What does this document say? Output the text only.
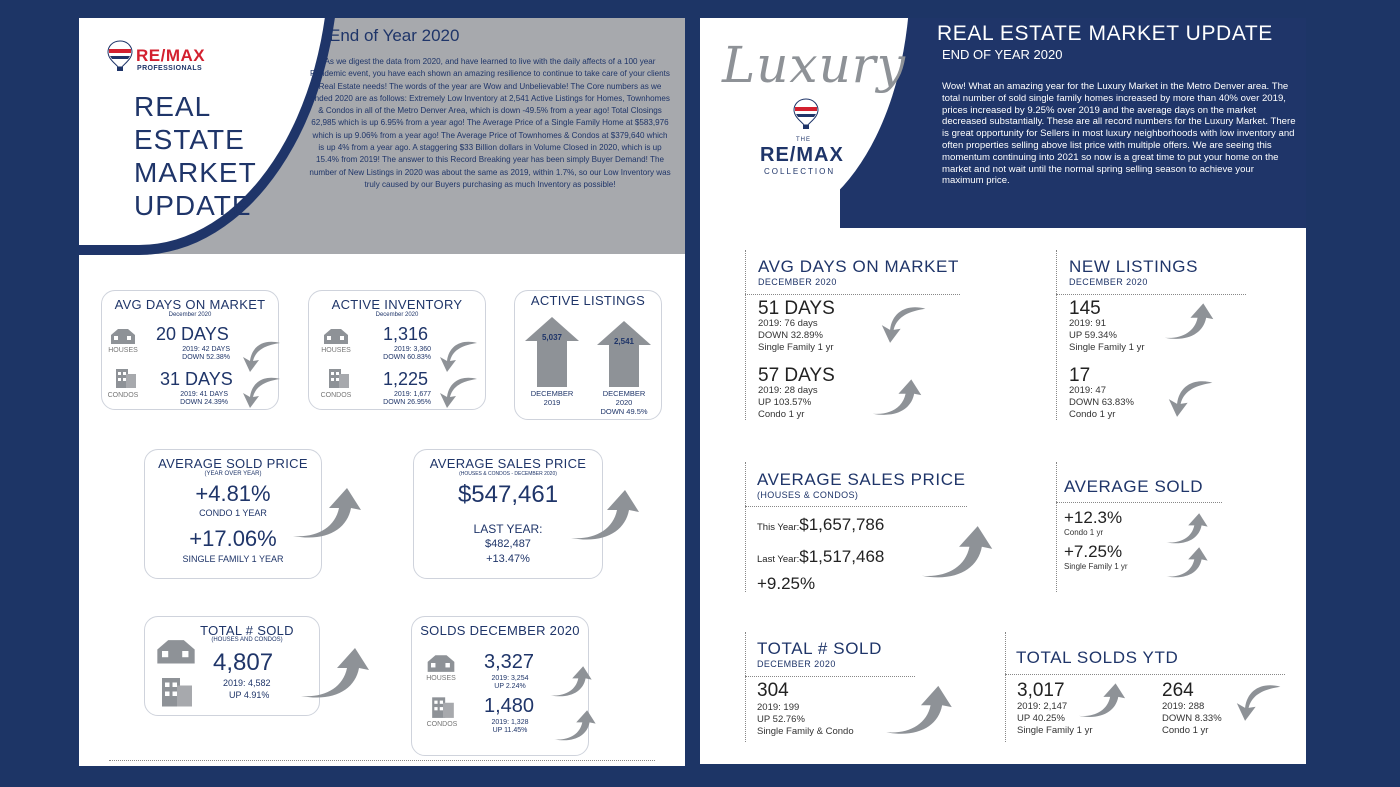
RE/MAX
PROFESSIONALS
REAL
ESTATE
MARKET
UPDATE
End of Year 2020
As we digest the data from 2020, and have learned to live with the daily affects of a 100 year Pandemic event, you have each shown an amazing resilience to continue to take care of your clients Real Estate needs! The words of the year are Wow and Unbelievable! The Core numbers as we ended 2020 are as follows: Extremely Low Inventory at 2,541 Active Listings for Homes, Townhomes & Condos in all of the Metro Denver Area, which is down -49.5% from a year ago! Total Closings 62,985 which is up 6.95% from a year ago! The Average Price of a Single Family Home at $583,976 which is up 9.06% from a year ago! The Average Price of Townhomes & Condos at $379,640 which is up 4% from a year ago. A staggering $33 Billion dollars in Volume Closed in 2020, which is up 15.4% from 2019! The answer to this Record Breaking year has been simply Buyer Demand! The number of New Listings in 2020 was about the same as 2019, within 1.7%, so our Low Inventory was truly caused by our Buyers purchasing as much Inventory as possible!
AVG DAYS ON MARKET
December 2020
HOUSES
20 DAYS
2019: 42 DAYS
DOWN 52.38%
CONDOS
31 DAYS
2019: 41 DAYS
DOWN 24.39%
ACTIVE INVENTORY
December 2020
HOUSES
1,316
2019: 3,360
DOWN 60.83%
CONDOS
1,225
2019: 1,677
DOWN 26.95%
ACTIVE LISTINGS
5,037	2,541
DECEMBER
2019
DECEMBER
2020
DOWN 49.5%
AVERAGE SOLD PRICE
(YEAR OVER YEAR)
+4.81%
CONDO 1 YEAR
+17.06%
SINGLE FAMILY 1 YEAR
AVERAGE SALES PRICE
(HOUSES & CONDOS - DECEMBER 2020)
$547,461
LAST YEAR:
$482,487
+13.47%
TOTAL # SOLD
(HOUSES AND CONDOS)
4,807
2019: 4,582
UP 4.91%
SOLDS DECEMBER 2020
HOUSES
3,327
2019: 3,254
UP 2.24%
CONDOS
1,480
2019: 1,328
UP 11.45%
Luxury
THE
RE/MAX
COLLECTION
REAL ESTATE MARKET UPDATE
END OF YEAR 2020
Wow! What an amazing year for the Luxury Market in the Metro Denver area. The total number of sold single family homes increased by more than 40% over 2019, prices increased by 9.25% over 2019 and the average days on the market decreased substantially. These are all record numbers for the Luxury Market. There is great opportunity for Sellers in most luxury neighborhoods with low inventory and often properties selling above list price with multiple offers. We are seeing this momentum continuing into 2021 so now is a great time to put your home on the market and not wait until the normal spring selling season to achieve your maximum price.
AVG DAYS ON MARKET
DECEMBER 2020
51 DAYS
2019: 76 days
DOWN 32.89%
Single Family 1 yr
57 DAYS
2019: 28 days
UP 103.57%
Condo 1 yr
NEW LISTINGS
DECEMBER 2020
145
2019: 91
UP 59.34%
Single Family 1 yr
17
2019: 47
DOWN 63.83%
Condo 1 yr
AVERAGE SALES PRICE
(HOUSES & CONDOS)
This Year:$1,657,786
Last Year:$1,517,468
+9.25%
AVERAGE SOLD
+12.3%
Condo 1 yr
+7.25%
Single Family 1 yr
TOTAL # SOLD
DECEMBER 2020
304
2019: 199
UP 52.76%
Single Family & Condo
TOTAL SOLDS YTD
3,017
2019: 2,147
UP 40.25%
Single Family 1 yr
264
2019: 288
DOWN 8.33%
Condo 1 yr
